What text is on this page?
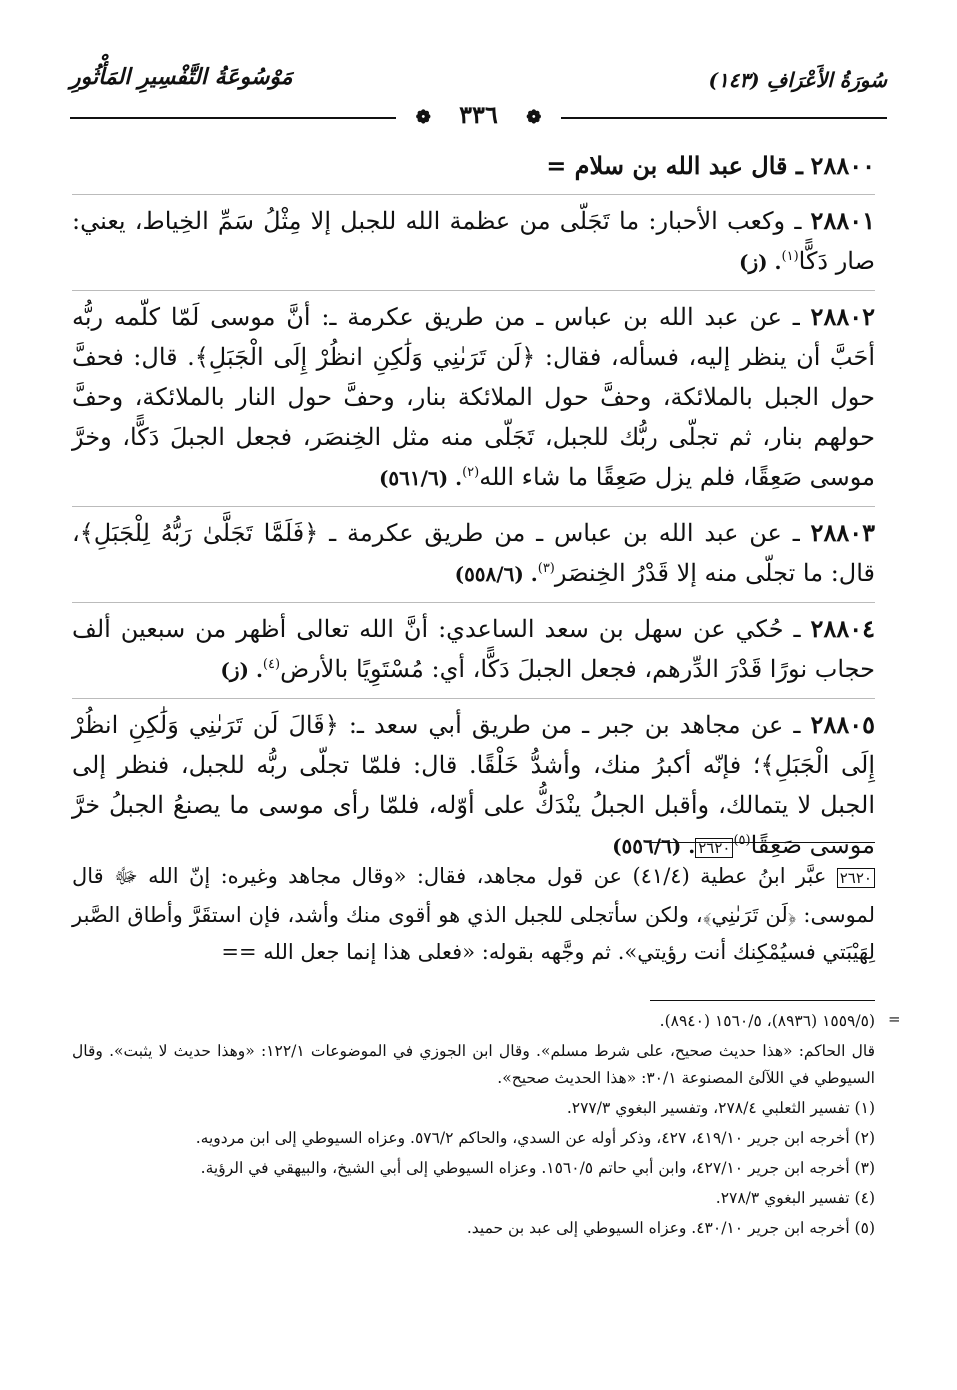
سُورَةُ الأَعْرَافِ (١٤٣)
مَوْسُوعَةُ التَّفْسِيرِ المَأْثُورِ
❁ ٣٣٦ ❁
٢٨٨٠٠ ـ قال عبد الله بن سلام =
٢٨٨٠١ ـ وكعب الأحبار: ما تَجَلّى من عظمة الله للجبل إلا مِثْلُ سَمِّ الخِياط، يعني: صار دَكًّا$^{(١)}$. (ز)
٢٨٨٠٢ ـ عن عبد الله بن عباس ـ من طريق عكرمة ـ: أنَّ موسى لَمّا كلّمه ربُّه أحَبَّ أن ينظر إليه، فسأله، فقال: ﴿لَن تَرَىٰنِي وَلَٰكِنِ انظُرْ إِلَى الْجَبَلِ﴾. قال: فحفَّ حول الجبل بالملائكة، وحفَّ حول الملائكة بنار، وحفَّ حول النار بالملائكة، وحفَّ حولهم بنار، ثم تجلّى ربُّك للجبل، تَجَلّى منه مثل الخِنصَر، فجعل الجبلَ دَكًّا، وخرَّ موسى صَعِقًا، فلم يزل صَعِقًا ما شاء الله$^{(٢)}$. (٥٦١/٦)
٢٨٨٠٣ ـ عن عبد الله بن عباس ـ من طريق عكرمة ـ ﴿فَلَمَّا تَجَلَّىٰ رَبُّهُ لِلْجَبَلِ﴾، قال: ما تجلّى منه إلا قَدْرُ الخِنصَر$^{(٣)}$. (٥٥٨/٦)
٢٨٨٠٤ ـ حُكي عن سهل بن سعد الساعدي: أنَّ الله تعالى أظهر من سبعين ألف حجاب نورًا قَدْرَ الدِّرهم، فجعل الجبلَ دَكًّا، أي: مُسْتَوِيًا بالأرض$^{(٤)}$. (ز)
٢٨٨٠٥ ـ عن مجاهد بن جبر ـ من طريق أبي سعد ـ: ﴿قَالَ لَن تَرَىٰنِي وَلَٰكِنِ انظُرْ إِلَى الْجَبَلِ﴾؛ فإنّه أكبرُ منك، وأشدُّ خَلْقًا. قال: فلمّا تجلّى ربُّه للجبل، فنظر إلى الجبل لا يتمالك، وأقبل الجبلُ ينْدَكُّ على أوّله، فلمّا رأى موسى ما يصنعُ الجبلُ خرَّ موسى صَعِقًا$^{(٥)}$٢٦٢٠. (٥٥٦/٦)
٢٦٢٠ عبَّر ابنُ عطية (٤١/٤) عن قول مجاهد، فقال: «وقال مجاهد وغيره: إنّ الله ﷻ قال لموسى: ﴿لَن تَرَىٰنِي﴾، ولكن سأتجلى للجبل الذي هو أقوى منك وأشد، فإن استقَرَّ وأطاق الصَّبر لِهَيْبَتي فسيُمْكِنك أنت رؤيتي». ثم وجَّهه بقوله: «فعلى هذا إنما جعل الله ==
=

(١٥٥٩/٥ (٨٩٣٦)، ١٥٦٠/٥ (٨٩٤٠).

قال الحاكم: «هذا حديث صحيح، على شرط مسلم». وقال ابن الجوزي في الموضوعات ١٢٢/١: «وهذا حديث لا يثبت». وقال السيوطي في اللآلئ المصنوعة ٣٠/١: «هذا الحديث صحيح».

(١) تفسير الثعلبي ٢٧٨/٤، وتفسير البغوي ٢٧٧/٣.

(٢) أخرجه ابن جرير ٤١٩/١٠، ٤٢٧، وذكر أوله عن السدي، والحاكم ٥٧٦/٢. وعزاه السيوطي إلى ابن مردويه.

(٣) أخرجه ابن جرير ٤٢٧/١٠، وابن أبي حاتم ١٥٦٠/٥. وعزاه السيوطي إلى أبي الشيخ، والبيهقي في الرؤية.

(٤) تفسير البغوي ٢٧٨/٣.

(٥) أخرجه ابن جرير ٤٣٠/١٠. وعزاه السيوطي إلى عبد بن حميد.
